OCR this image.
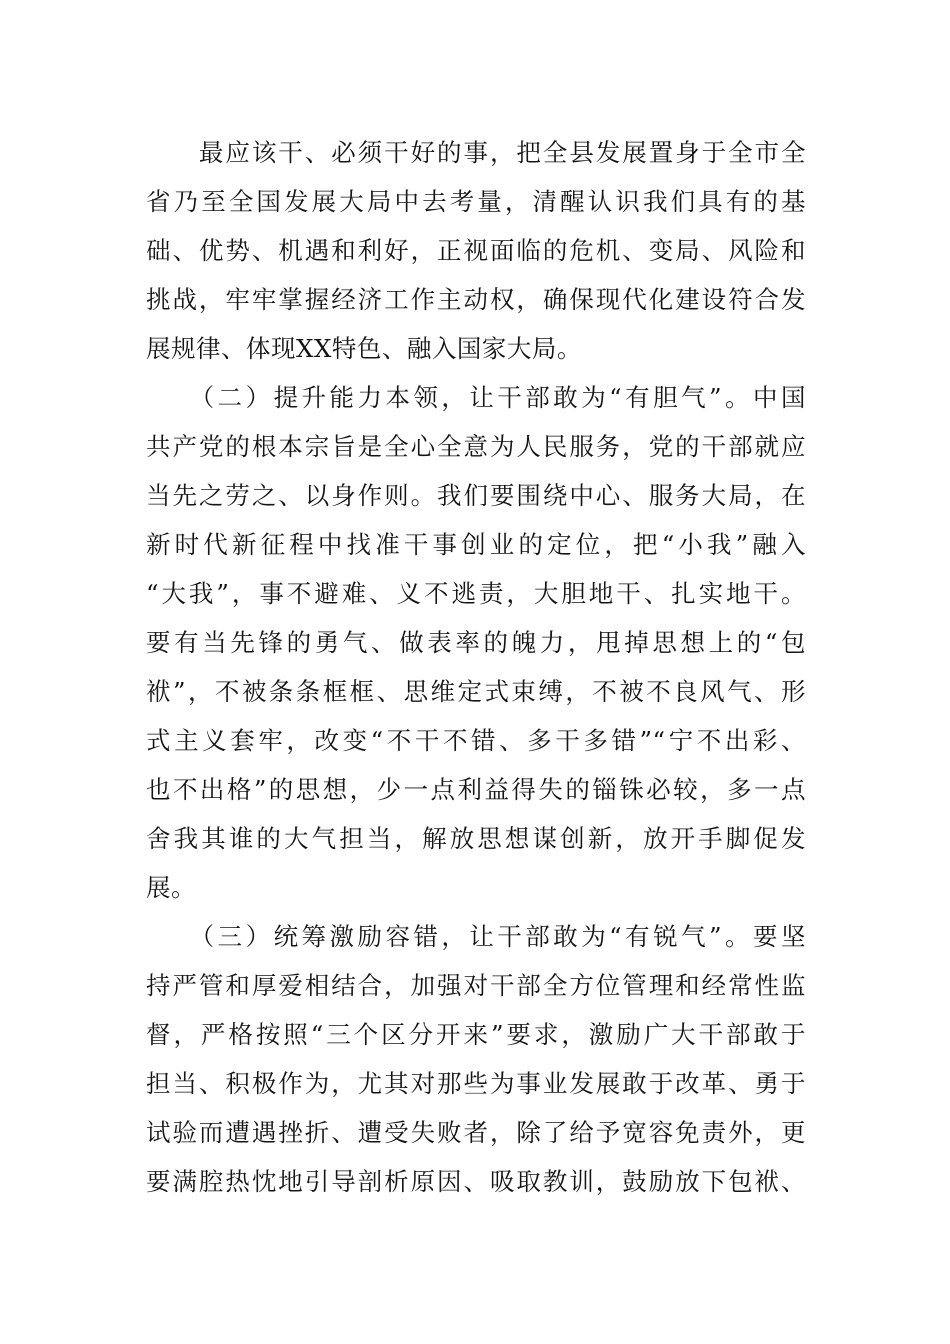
　　最应该干、必须干好的事，把全县发展置身于全市全
省乃至全国发展大局中去考量，清醒认识我们具有的基
础、优势、机遇和利好，正视面临的危机、变局、风险和
挑战，牢牢掌握经济工作主动权，确保现代化建设符合发
展规律、体现XX特色、融入国家大局。
　　（二）提升能力本领，让干部敢为“有胆气”。中国
共产党的根本宗旨是全心全意为人民服务，党的干部就应
当先之劳之、以身作则。我们要围绕中心、服务大局，在
新时代新征程中找准干事创业的定位，把“小我”融入
“大我”，事不避难、义不逃责，大胆地干、扎实地干。
要有当先锋的勇气、做表率的魄力，甩掉思想上的“包
袱”，不被条条框框、思维定式束缚，不被不良风气、形
式主义套牢，改变“不干不错、多干多错”“宁不出彩、
也不出格”的思想，少一点利益得失的锱铢必较，多一点
舍我其谁的大气担当，解放思想谋创新，放开手脚促发
展。
　　（三）统筹激励容错，让干部敢为“有锐气”。要坚
持严管和厚爱相结合，加强对干部全方位管理和经常性监
督，严格按照“三个区分开来”要求，激励广大干部敢于
担当、积极作为，尤其对那些为事业发展敢于改革、勇于
试验而遭遇挫折、遭受失败者，除了给予宽容免责外，更
要满腔热忱地引导剖析原因、吸取教训，鼓励放下包袱、
